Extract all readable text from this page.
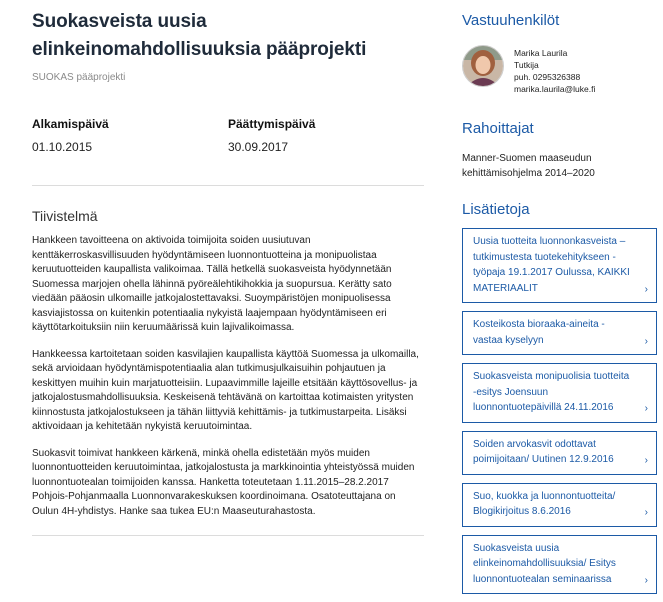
Suokasveista uusia elinkeinomahdollisuuksia pääprojekti
SUOKAS pääprojekti
Alkamispäivä
01.10.2015
Päättymispäivä
30.09.2017
Tiivistelmä

Hankkeen tavoitteena on aktivoida toimijoita soiden uusiutuvan kenttäkerroskasvillisuuden hyödyntämiseen luonnontuotteina ja monipuolistaa keruutuotteiden kaupallista valikoimaa. Tällä hetkellä suokasveista hyödynnetään Suomessa marjojen ohella lähinnä pyöreälehtikihokkia ja suopursua. Kerätty sato viedään pääosin ulkomaille jatkojalostettavaksi. Suoympäristöjen monipuolisessa kasviajistossa on kuitenkin potentiaalia nykyistä laajempaan hyödyntämiseen eri käyttötarkoituksiin niin keruumäärissä kuin lajivalikoimassa.

Hankkeessa kartoitetaan soiden kasvilajien kaupallista käyttöä Suomessa ja ulkomailla, sekä arvioidaan hyödyntämispotentiaalia alan tutkimusjulkaisuihin pohjautuen ja keskittyen muihin kuin marjatuotteisiin. Lupaavimmille lajeille etsitään käyttösovellus- ja jatkojalostusmahdollisuuksia. Keskeisenä tehtävänä on kartoittaa kotimaisten yritysten kiinnostusta jatkojalostukseen ja tähän liittyviä kehittämis- ja tutkimustarpeita. Lisäksi aktivoidaan ja kehitetään nykyistä keruutoimintaa.

Suokasvit toimivat hankkeen kärkenä, minkä ohella edistetään myös muiden luonnontuotteiden keruutoimintaa, jatkojalostusta ja markkinointia yhteistyössä muiden luonnontuotealan toimijoiden kanssa. Hanketta toteutetaan 1.11.2015–28.2.2017 Pohjois-Pohjanmaalla Luonnonvarakeskuksen koordinoimana. Osatoteuttajana on Oulun 4H-yhdistys. Hanke saa tukea EU:n Maaseuturahastosta.

Vastuuhenkilöt
Marika Laurila
Tutkija
puh. 0295326388
marika.laurila@luke.fi
Rahoittajat
Manner-Suomen maaseudun kehittämisohjelma 2014–2020
Lisätietoja
Uusia tuotteita luonnonkasveista – tutkimustesta tuotekehitykseen -työpaja 19.1.2017 Oulussa, KAIKKI MATERIAALIT	›
Kosteikosta bioraaka-aineita - vastaa kyselyyn	›
Suokasveista monipuolisia tuotteita -esitys Joensuun luonnontuotepäivillä 24.11.2016	›
Soiden arvokasvit odottavat poimijoitaan/ Uutinen 12.9.2016	›
Suo, kuokka ja luonnontuotteita/ Blogikirjoitus 8.6.2016	›
Suokasveista uusia elinkeinomahdollisuuksia/ Esitys luonnontuotealan seminaarissa	›
